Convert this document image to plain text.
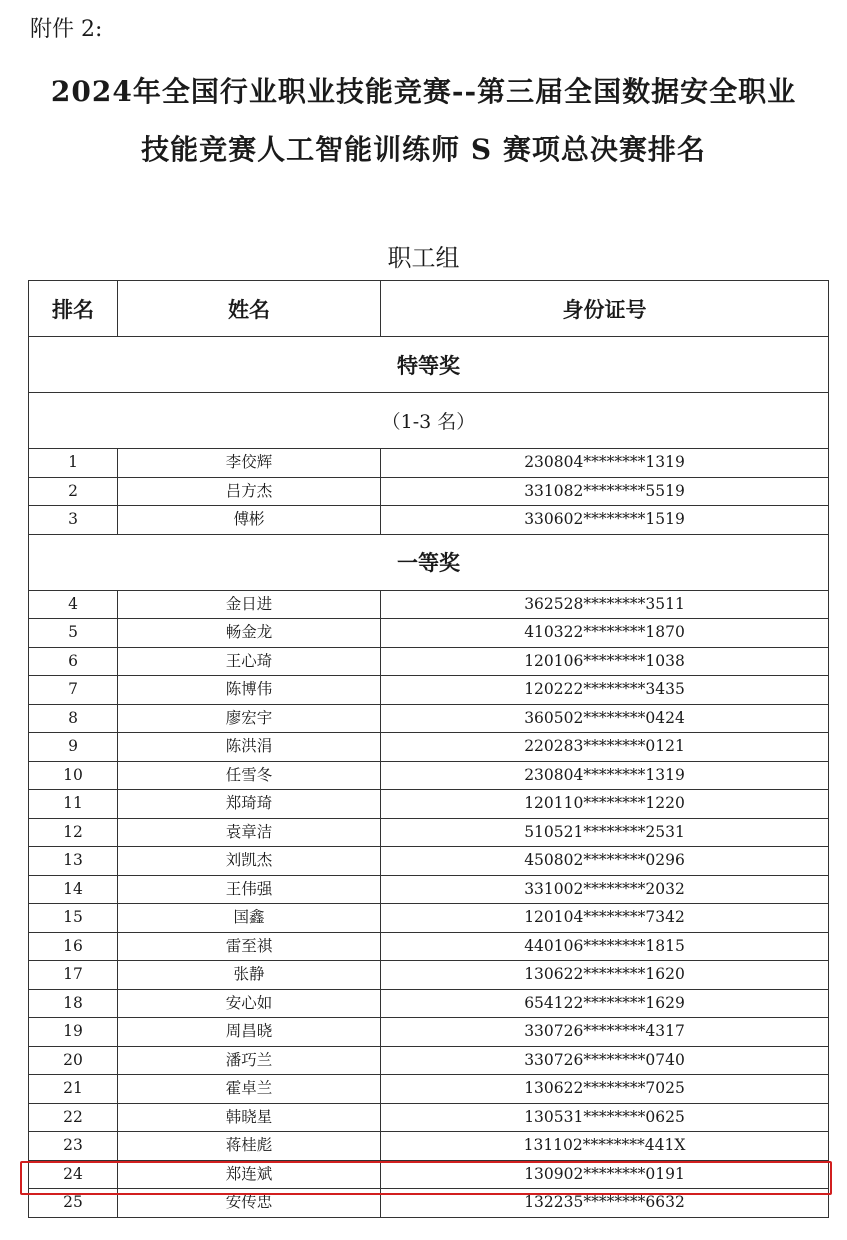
附件 2:
2024年全国行业职业技能竞赛--第三届全国数据安全职业
技能竞赛人工智能训练师 S 赛项总决赛排名
职工组
排名	姓名	身份证号
特等奖		
（1-3 名）		
1	李佼辉	230804********1319
2	吕方杰	331082********5519
3	傅彬	330602********1519
一等奖		
4	金日进	362528********3511
5	畅金龙	410322********1870
6	王心琦	120106********1038
7	陈博伟	120222********3435
8	廖宏宇	360502********0424
9	陈洪涓	220283********0121
10	任雪冬	230804********1319
11	郑琦琦	120110********1220
12	袁章洁	510521********2531
13	刘凯杰	450802********0296
14	王伟强	331002********2032
15	国鑫	120104********7342
16	雷至祺	440106********1815
17	张静	130622********1620
18	安心如	654122********1629
19	周昌晓	330726********4317
20	潘巧兰	330726********0740
21	霍卓兰	130622********7025
22	韩晓星	130531********0625
23	蒋桂彪	131102********441X
24	郑连斌	130902********0191
25	安传忠	132235********6632
